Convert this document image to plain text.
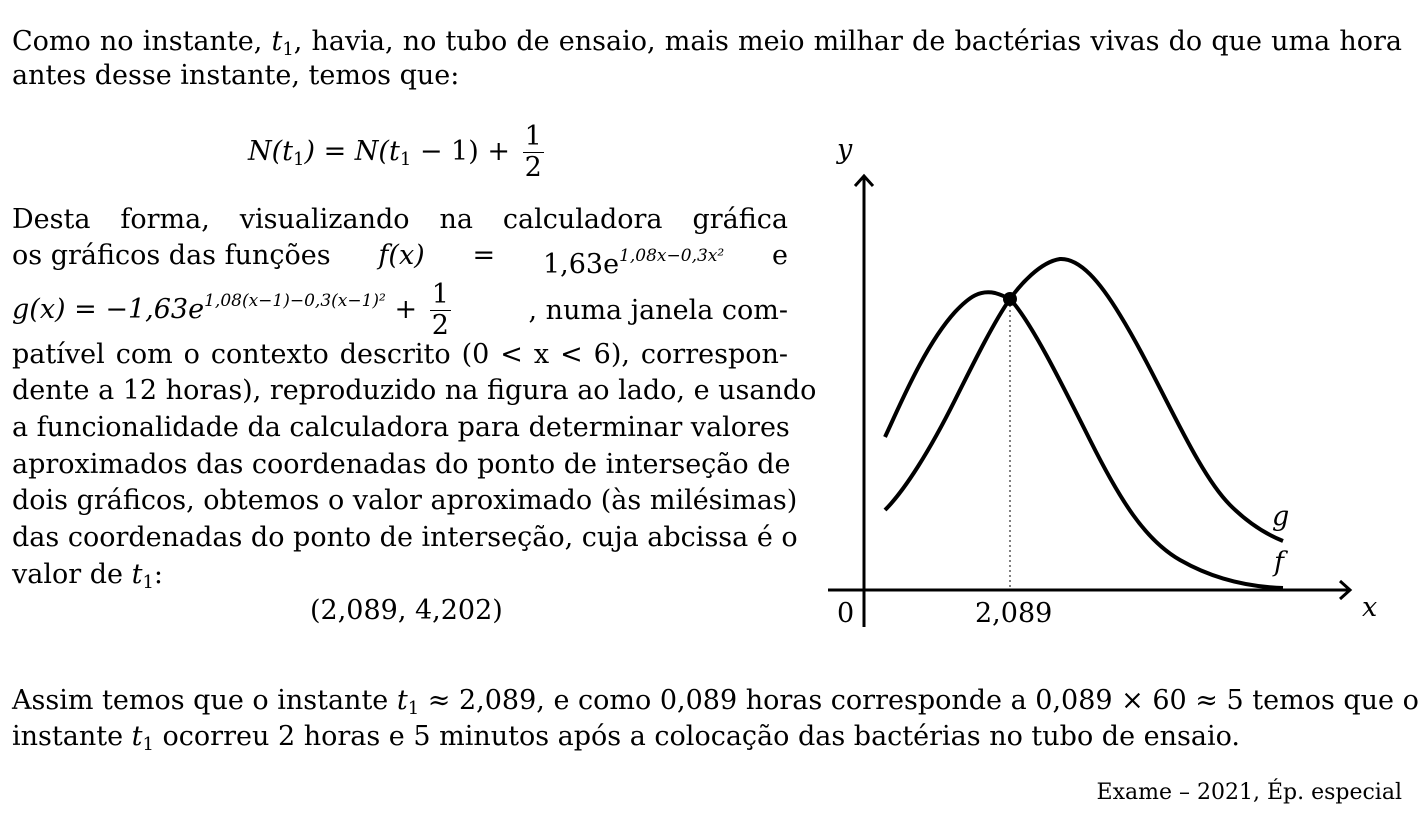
Como no instante, $t_1$, havia, no tubo de ensaio, mais meio milhar de bactérias vivas do que uma hora
antes desse instante, temos que:
$N(t_1) = N(t_1 - 1) + \frac{1}{2}$
Desta forma, visualizando na calculadora gráfica
os gráficos das funções $f(x) = 1,63e^{1,08x-0,3x^2}$ e
$g(x) = -1,63e^{1,08(x-1)-0,3(x-1)^2} + \frac{1}{2}$	, numa janela com-
patível com o contexto descrito (0 < x < 6), correspon-
dente a 12 horas), reproduzido na figura ao lado, e usando
a funcionalidade da calculadora para determinar valores
aproximados das coordenadas do ponto de interseção de
dois gráficos, obtemos o valor aproximado (às milésimas)
das coordenadas do ponto de interseção, cuja abcissa é o
valor de $t_1$:
(2,089, 4,202)
y
x
0	2,089
g
f
Assim temos que o instante $t_1 \approx 2,089$, e como 0,089 horas corresponde a 0,089 × 60 ≈ 5 temos que o
instante $t_1$ ocorreu 2 horas e 5 minutos após a colocação das bactérias no tubo de ensaio.
Exame – 2021, Ép. especial
